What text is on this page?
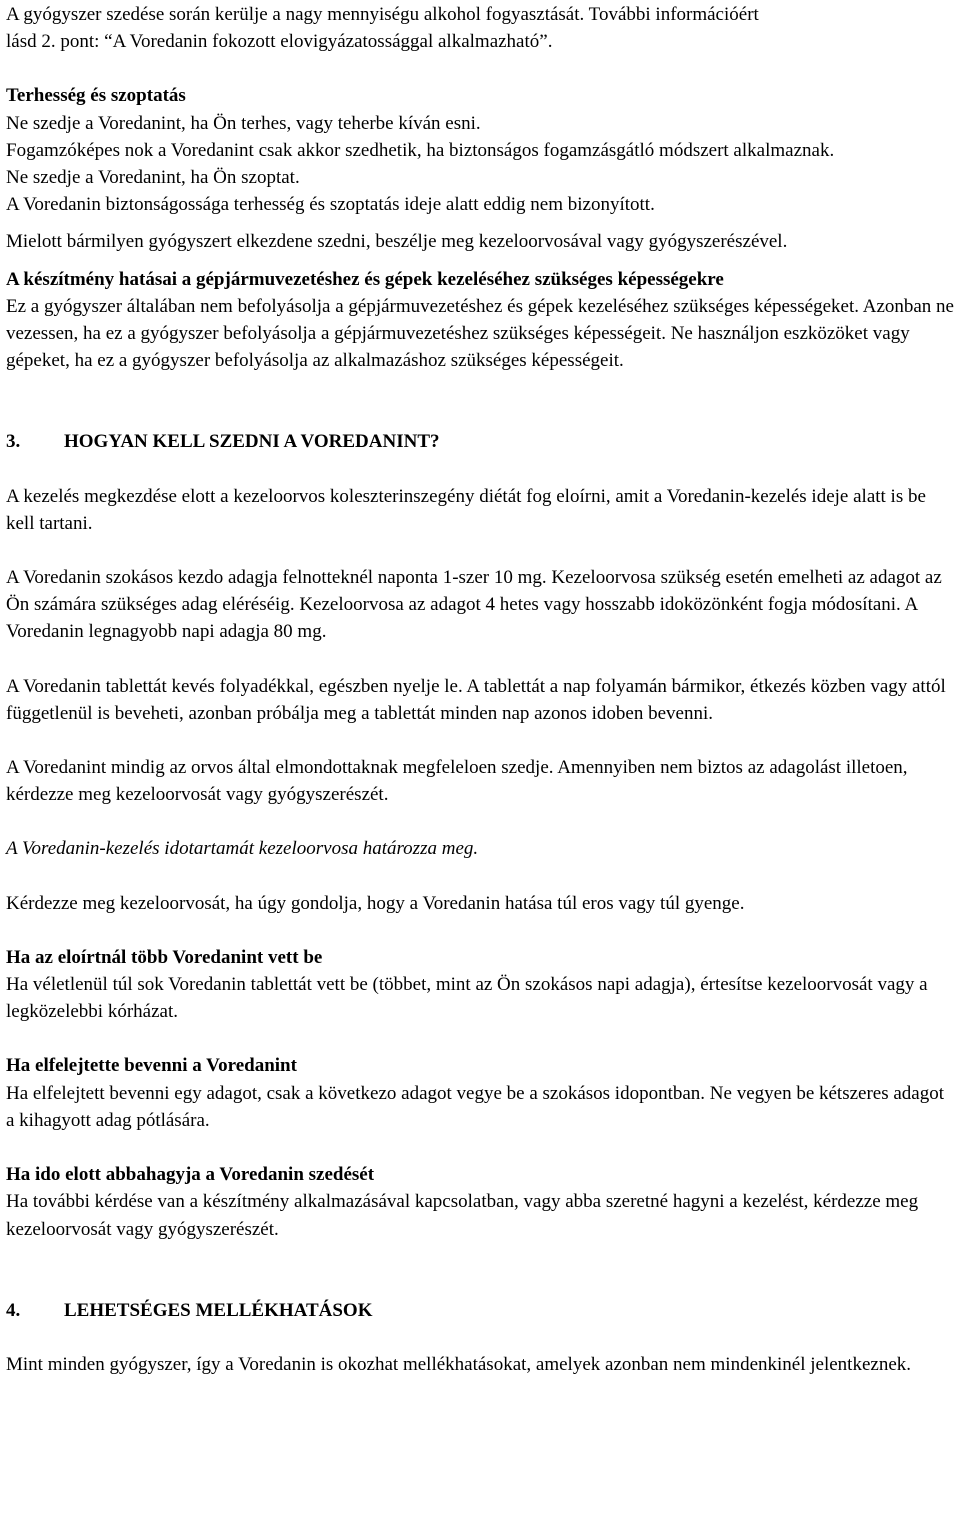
A gyógyszer szedése során kerülje a nagy mennyiségu alkohol fogyasztását. További információért

lásd 2. pont: “A Voredanin fokozott elovigyázatossággal alkalmazható”.

Terhesség és szoptatás

Ne szedje a Voredanint, ha Ön terhes, vagy teherbe kíván esni.

Fogamzóképes nok a Voredanint csak akkor szedhetik, ha biztonságos fogamzásgátló módszert alkalmaznak.

Ne szedje a Voredanint, ha Ön szoptat.

A Voredanin biztonságossága terhesség és szoptatás ideje alatt eddig nem bizonyított.

Mielott bármilyen gyógyszert elkezdene szedni, beszélje meg kezeloorvosával vagy gyógyszerészével.

A készítmény hatásai a gépjármuvezetéshez és gépek kezeléséhez szükséges képességekre

Ez a gyógyszer általában nem befolyásolja a gépjármuvezetéshez és gépek kezeléséhez szükséges képességeket. Azonban ne vezessen, ha ez a gyógyszer befolyásolja a gépjármuvezetéshez szükséges képességeit. Ne használjon eszközöket vagy gépeket, ha ez a gyógyszer befolyásolja az alkalmazáshoz szükséges képességeit.

3.	HOGYAN KELL SZEDNI A VOREDANINT?

A kezelés megkezdése elott a kezeloorvos koleszterinszegény diétát fog eloírni, amit a Voredanin-kezelés ideje alatt is be kell tartani.

A Voredanin szokásos kezdo adagja felnotteknél naponta 1-szer 10 mg. Kezeloorvosa szükség esetén emelheti az adagot az Ön számára szükséges adag eléréséig. Kezeloorvosa az adagot 4 hetes vagy hosszabb idoközönként fogja módosítani. A Voredanin legnagyobb napi adagja 80 mg.

A Voredanin tablettát kevés folyadékkal, egészben nyelje le. A tablettát a nap folyamán bármikor, étkezés közben vagy attól függetlenül is beveheti, azonban próbálja meg a tablettát minden nap azonos idoben bevenni.

A Voredanint mindig az orvos által elmondottaknak megfeleloen szedje. Amennyiben nem biztos az adagolást illetoen, kérdezze meg kezeloorvosát vagy gyógyszerészét.

A Voredanin-kezelés idotartamát kezeloorvosa határozza meg.

Kérdezze meg kezeloorvosát, ha úgy gondolja, hogy a Voredanin hatása túl eros vagy túl gyenge.

Ha az eloírtnál több Voredanint vett be

Ha véletlenül túl sok Voredanin tablettát vett be (többet, mint az Ön szokásos napi adagja), értesítse kezeloorvosát vagy a legközelebbi kórházat.

Ha elfelejtette bevenni a Voredanint

Ha elfelejtett bevenni egy adagot, csak a következo adagot vegye be a szokásos idopontban. Ne vegyen be kétszeres adagot a kihagyott adag pótlására.

Ha ido elott abbahagyja a Voredanin szedését

Ha további kérdése van a készítmény alkalmazásával kapcsolatban, vagy abba szeretné hagyni a kezelést, kérdezze meg kezeloorvosát vagy gyógyszerészét.

4.	LEHETSÉGES MELLÉKHATÁSOK

Mint minden gyógyszer, így a Voredanin is okozhat mellékhatásokat, amelyek azonban nem mindenkinél jelentkeznek.
